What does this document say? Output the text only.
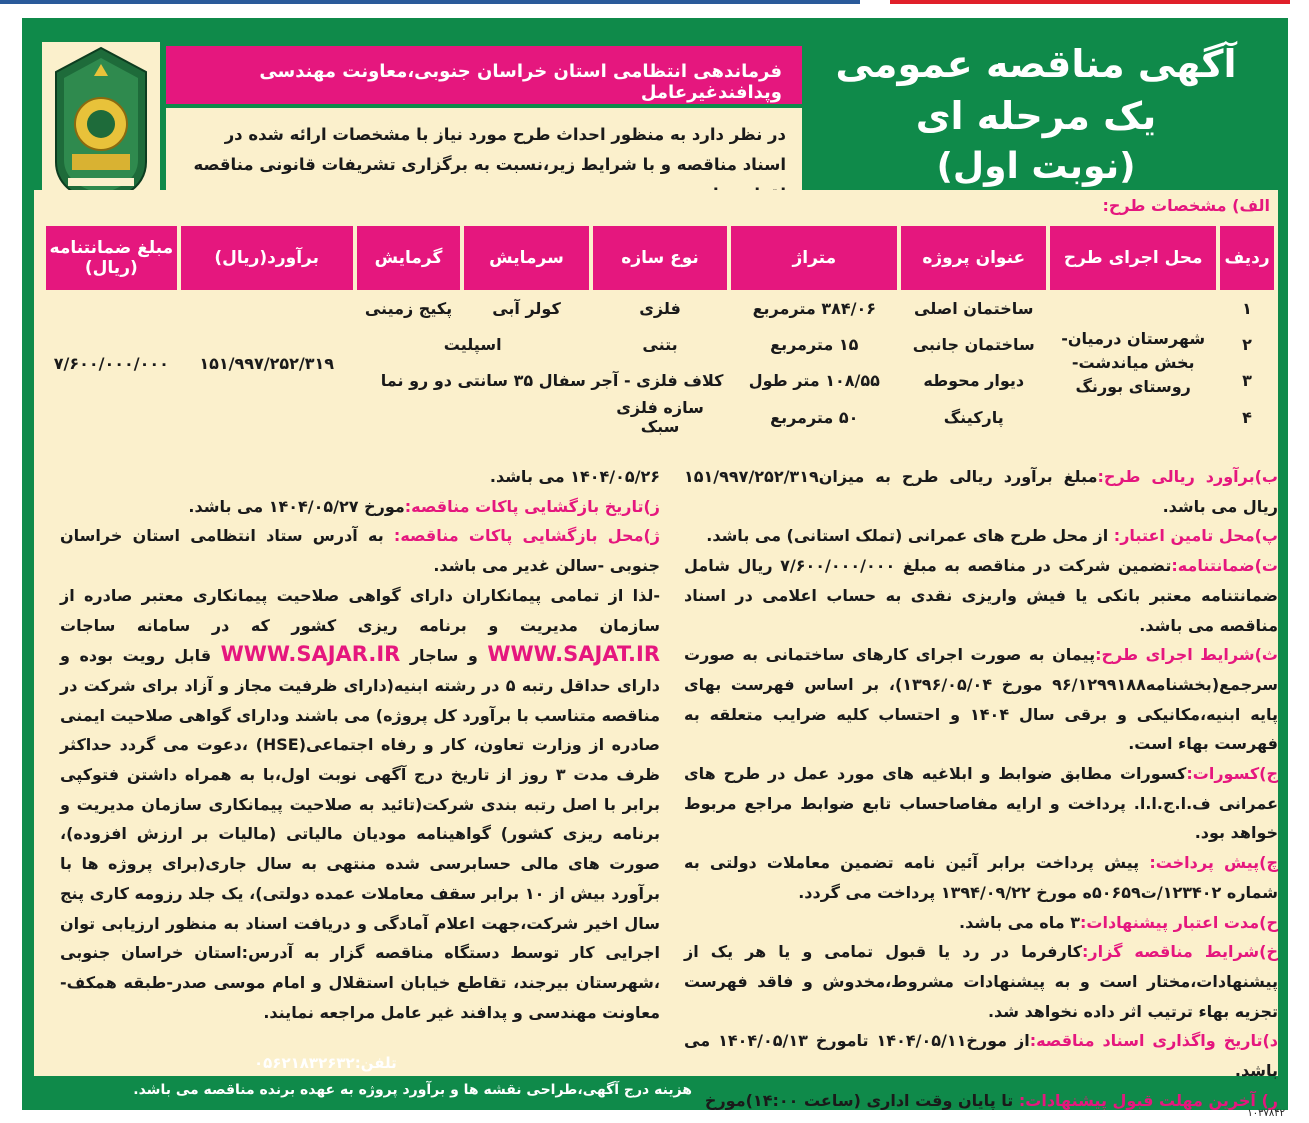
آگهی مناقصه عمومی یک مرحله ای
(نوبت اول)
فرماندهی انتظامی استان خراسان جنوبی،معاونت مهندسی وپدافندغیرعامل
در نظر دارد به منظور احداث طرح مورد نیاز با مشخصات ارائه شده در اسناد مناقصه و با شرایط زیر،نسبت به برگزاری تشریفات قانونی مناقصه
الف) مشخصات طرح:
ردیف	محل اجرای طرح	عنوان پروژه	متراژ	نوع سازه	سرمایش	گرمایش	برآورد(ریال)	مبلغ ضمانتنامه (ریال)
۱	شهرستان درمیان- بخش میاندشت- روستای بورنگ	ساختمان اصلی	۳۸۴/۰۶ مترمربع	فلزی	کولر آبی	پکیج زمینی	۱۵۱/۹۹۷/۲۵۲/۳۱۹	۷/۶۰۰/۰۰۰/۰۰۰
۲		ساختمان جانبی	۱۵ مترمربع	بتنی	اسپلیت			
۳		دیوار محوطه	۱۰۸/۵۵ متر طول	کلاف فلزی - آجر سفال ۳۵ سانتی دو رو نما				
۴		پارکینگ	۵۰ مترمربع	سازه فلزی سبک				

ب)برآورد ریالی طرح:مبلغ برآورد ریالی طرح به میزان۱۵۱/۹۹۷/۲۵۲/۳۱۹ ریال می باشد.

پ)محل تامین اعتبار: از محل طرح های عمرانی (تملک استانی) می باشد.

ت)ضمانتنامه:تضمین شرکت در مناقصه به مبلغ ۷/۶۰۰/۰۰۰/۰۰۰ ریال شامل ضمانتنامه معتبر بانکی یا فیش واریزی نقدی به حساب اعلامی در اسناد مناقصه می باشد.

ث)شرایط اجرای طرح:پیمان به صورت اجرای کارهای ساختمانی به صورت سرجمع(بخشنامه۹۶/۱۲۹۹۱۸۸ مورخ ۱۳۹۶/۰۵/۰۴)، بر اساس فهرست بهای پایه ابنیه،مکانیکی و برقی سال ۱۴۰۴ و احتساب کلیه ضرایب متعلقه به فهرست بهاء است.

ج)کسورات:کسورات مطابق ضوابط و ابلاغیه های مورد عمل در طرح های عمرانی ف.ا.ج.ا.ا. پرداخت و ارایه مفاصاحساب تابع ضوابط مراجع مربوط خواهد بود.

چ)پیش پرداخت: پیش پرداخت برابر آئین نامه تضمین معاملات دولتی به شماره ۱۲۳۴۰۲/ت۵۰۶۵۹ه مورخ ۱۳۹۴/۰۹/۲۲ پرداخت می گردد.

ح)مدت اعتبار پیشنهادات:۳ ماه می باشد.

خ)شرایط مناقصه گزار:کارفرما در رد یا قبول تمامی و یا هر یک از پیشنهادات،مختار است و به پیشنهادات مشروط،مخدوش و فاقد فهرست تجزیه بهاء ترتیب اثر داده نخواهد شد.

د)تاریخ واگذاری اسناد مناقصه:از مورخ۱۴۰۴/۰۵/۱۱ تامورخ ۱۴۰۴/۰۵/۱۳ می باشد.

ر) آخرین مهلت قبول پیشنهادات: تا پایان وقت اداری (ساعت ۱۴:۰۰)مورخ

۱۴۰۴/۰۵/۲۶ می باشد.

ز)تاریخ بازگشایی پاکات مناقصه:مورخ ۱۴۰۴/۰۵/۲۷ می باشد.

ژ)محل بازگشایی پاکات مناقصه: به آدرس ستاد انتظامی استان خراسان جنوبی -سالن غدیر می باشد.

-لذا از تمامی پیمانکاران دارای گواهی صلاحیت پیمانکاری معتبر صادره از سازمان مدیریت و برنامه ریزی کشور که در سامانه ساجات WWW.SAJAT.IR و ساجار WWW.SAJAR.IR قابل رویت بوده و دارای حداقل رتبه ۵ در رشته ابنیه(دارای ظرفیت مجاز و آزاد برای شرکت در مناقصه متناسب با برآورد کل پروژه) می باشند ودارای گواهی صلاحیت ایمنی صادره از وزارت تعاون، کار و رفاه اجتماعی(HSE) ،دعوت می گردد حداکثر ظرف مدت ۳ روز از تاریخ درج آگهی نوبت اول،با به همراه داشتن فتوکپی برابر با اصل رتبه بندی شرکت(تائید به صلاحیت پیمانکاری سازمان مدیریت و برنامه ریزی کشور) گواهینامه مودیان مالیاتی (مالیات بر ارزش افزوده)، صورت های مالی حسابرسی شده منتهی به سال جاری(برای پروژه ها با برآورد بیش از ۱۰ برابر سقف معاملات عمده دولتی)، یک جلد رزومه کاری پنج سال اخیر شرکت،جهت اعلام آمادگی و دریافت اسناد به منظور ارزیابی توان اجرایی کار توسط دستگاه مناقصه گزار به آدرس:استان خراسان جنوبی ،شهرستان بیرجند، تقاطع خیابان استقلال و امام موسی صدر-طبقه همکف- معاونت مهندسی و پدافند غیر عامل مراجعه نمایند.

تلفن:۰۵۶۲۱۸۳۲۶۳۲
هزینه درج آگهی،طراحی نقشه ها و برآورد پروژه به عهده برنده مناقصه می باشد.
۱۰۳۷۸۴۲
